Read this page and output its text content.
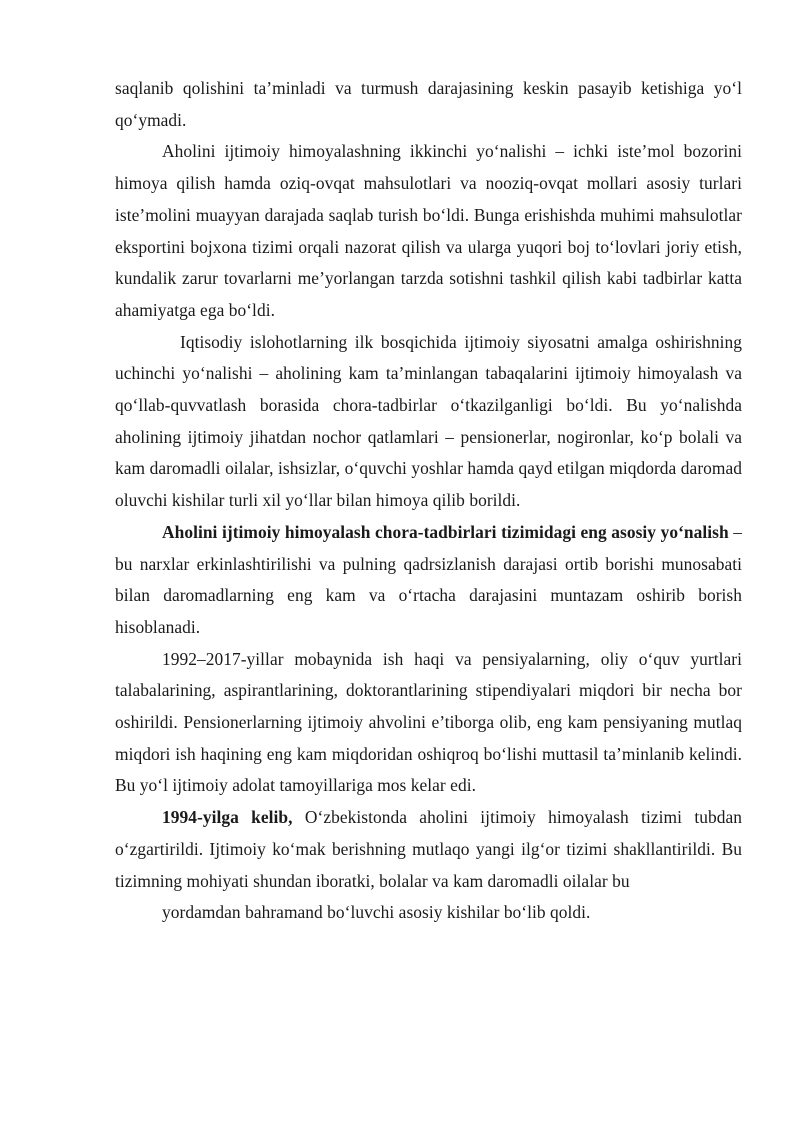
saqlanib qolishini ta’minladi va turmush darajasining keskin pasayib ketishiga yo‘l qo‘ymadi.

Aholini ijtimoiy himoyalashning ikkinchi yo‘nalishi – ichki iste’mol bozorini himoya qilish hamda oziq-ovqat mahsulotlari va nooziq-ovqat mollari asosiy turlari iste’molini muayyan darajada saqlab turish bo‘ldi. Bunga erishishda muhimi mahsulotlar eksportini bojxona tizimi orqali nazorat qilish va ularga yuqori boj to‘lovlari joriy etish, kundalik zarur tovarlarni me’yorlangan tarzda sotishni tashkil qilish kabi tadbirlar katta ahamiyatga ega bo‘ldi.

Iqtisodiy islohotlarning ilk bosqichida ijtimoiy siyosatni amalga oshirishning uchinchi yo‘nalishi – aholining kam ta’minlangan tabaqalarini ijtimoiy himoyalash va qo‘llab-quvvatlash borasida chora-tadbirlar o‘tkazilganligi bo‘ldi. Bu yo‘nalishda aholining ijtimoiy jihatdan nochor qatlamlari – pensionerlar, nogironlar, ko‘p bolali va kam daromadli oilalar, ishsizlar, o‘quvchi yoshlar hamda qayd etilgan miqdorda daromad oluvchi kishilar turli xil yo‘llar bilan himoya qilib borildi.

Aholini ijtimoiy himoyalash chora-tadbirlari tizimidagi eng asosiy yo‘nalish – bu narxlar erkinlashtirilishi va pulning qadrsizlanish darajasi ortib borishi munosabati bilan daromadlarning eng kam va o‘rtacha darajasini muntazam oshirib borish hisoblanadi.

1992–2017-yillar mobaynida ish haqi va pensiyalarning, oliy o‘quv yurtlari talabalarining, aspirantlarining, doktorantlarining stipendiyalari miqdori bir necha bor oshirildi. Pensionerlarning ijtimoiy ahvolini e’tiborga olib, eng kam pensiyaning mutlaq miqdori ish haqining eng kam miqdoridan oshiqroq bo‘lishi muttasil ta’minlanib kelindi. Bu yo‘l ijtimoiy adolat tamoyillariga mos kelar edi.

1994-yilga kelib, O‘zbekistonda aholini ijtimoiy himoyalash tizimi tubdan o‘zgartirildi. Ijtimoiy ko‘mak berishning mutlaqo yangi ilg‘or tizimi shakllantirildi. Bu tizimning mohiyati shundan iboratki, bolalar va kam daromadli oilalar bu

yordamdan bahramand bo‘luvchi asosiy kishilar bo‘lib qoldi.
